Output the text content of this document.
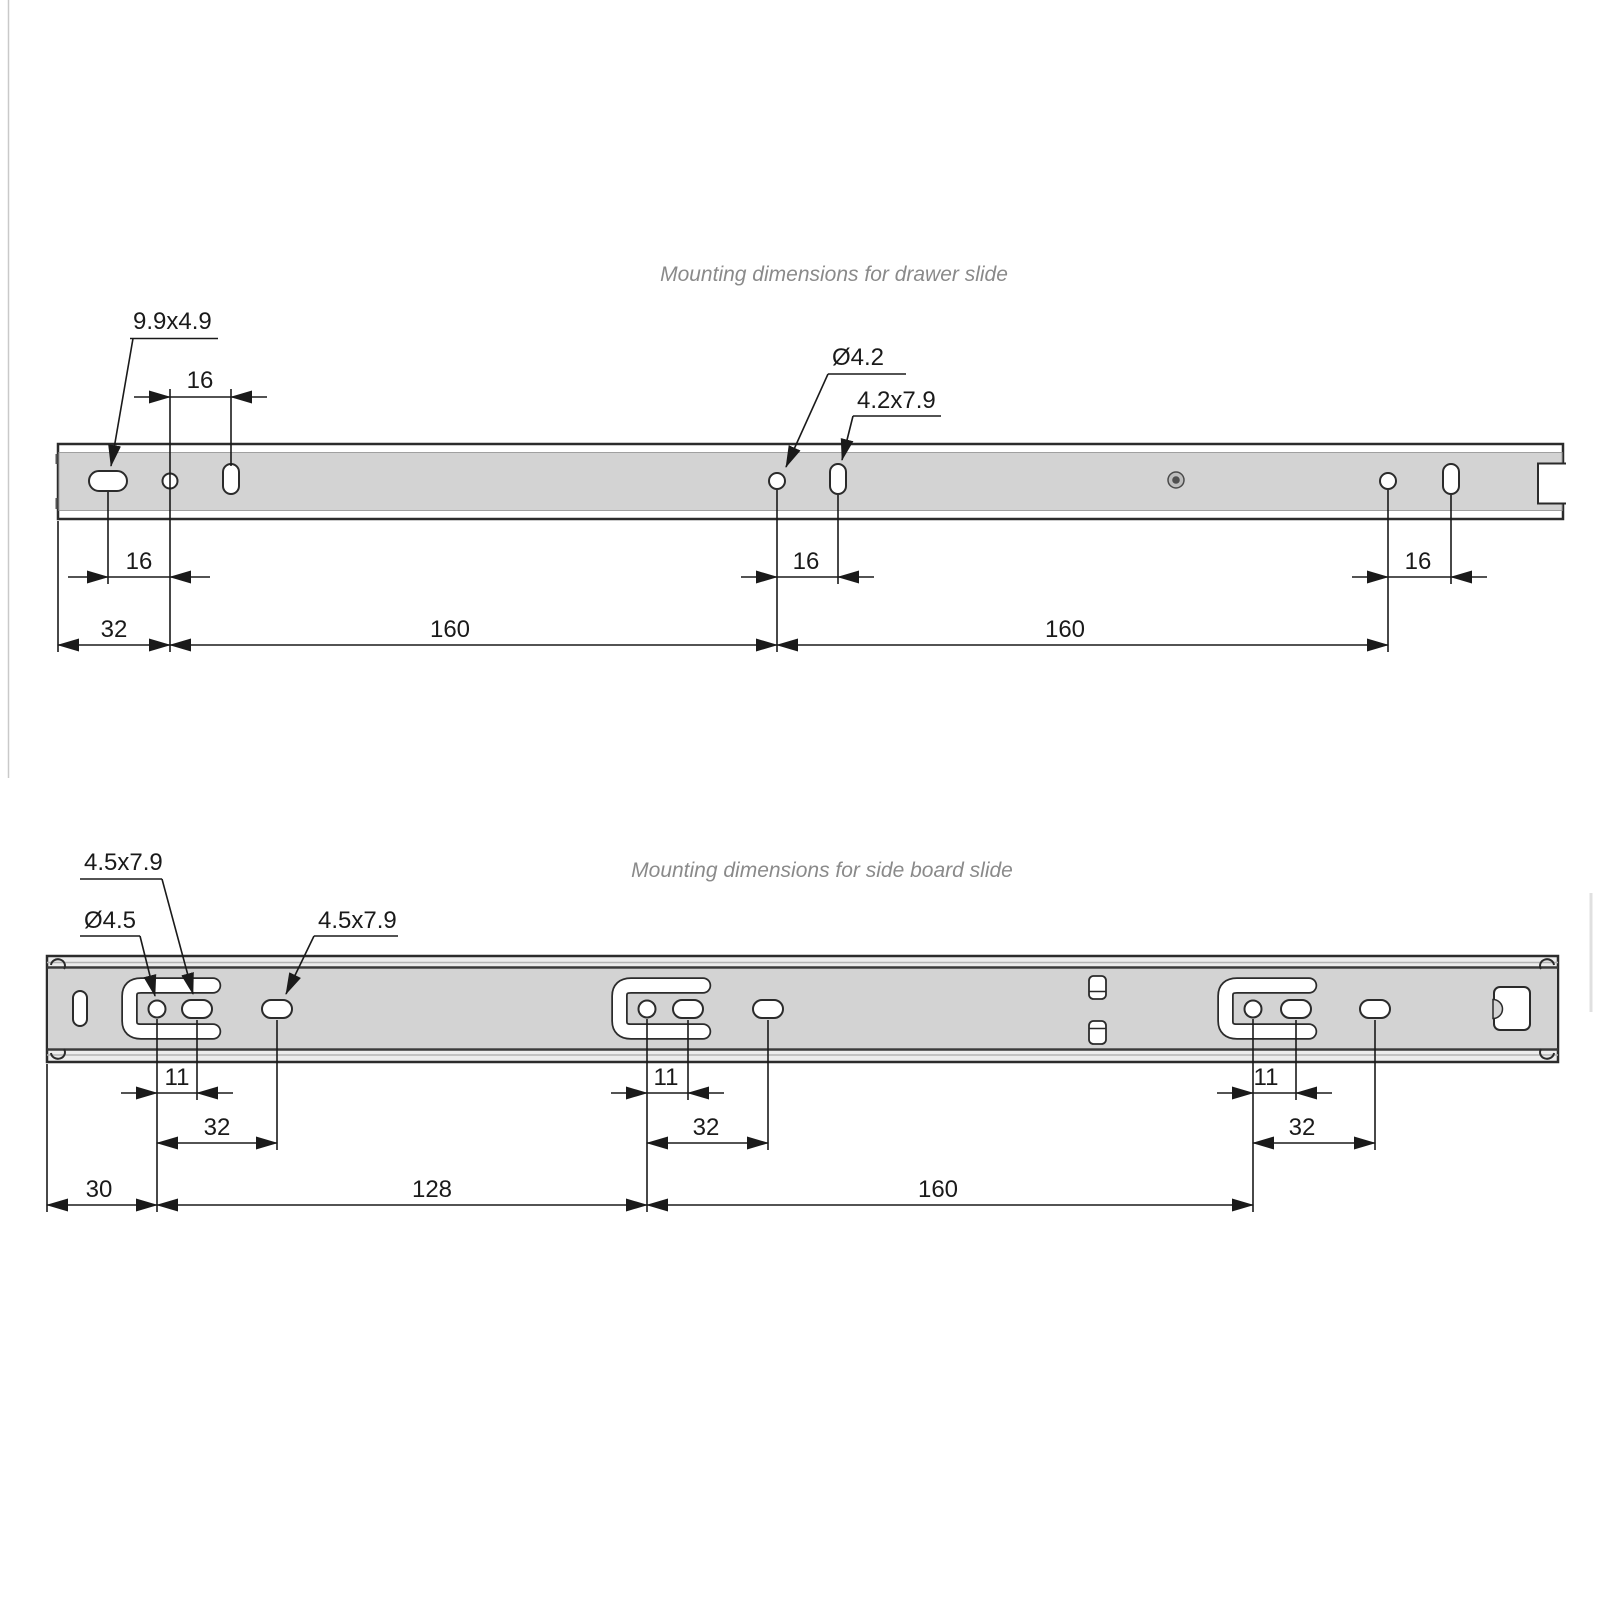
Mounting dimensions for drawer slide
Mounting dimensions for side board slide
9.9x4.9
Ø4.2
4.2x7.9
16
16	16	16
32	160	160
4.5x7.9
Ø4.5	4.5x7.9
11	11	11
32	32	32
30	128	160
